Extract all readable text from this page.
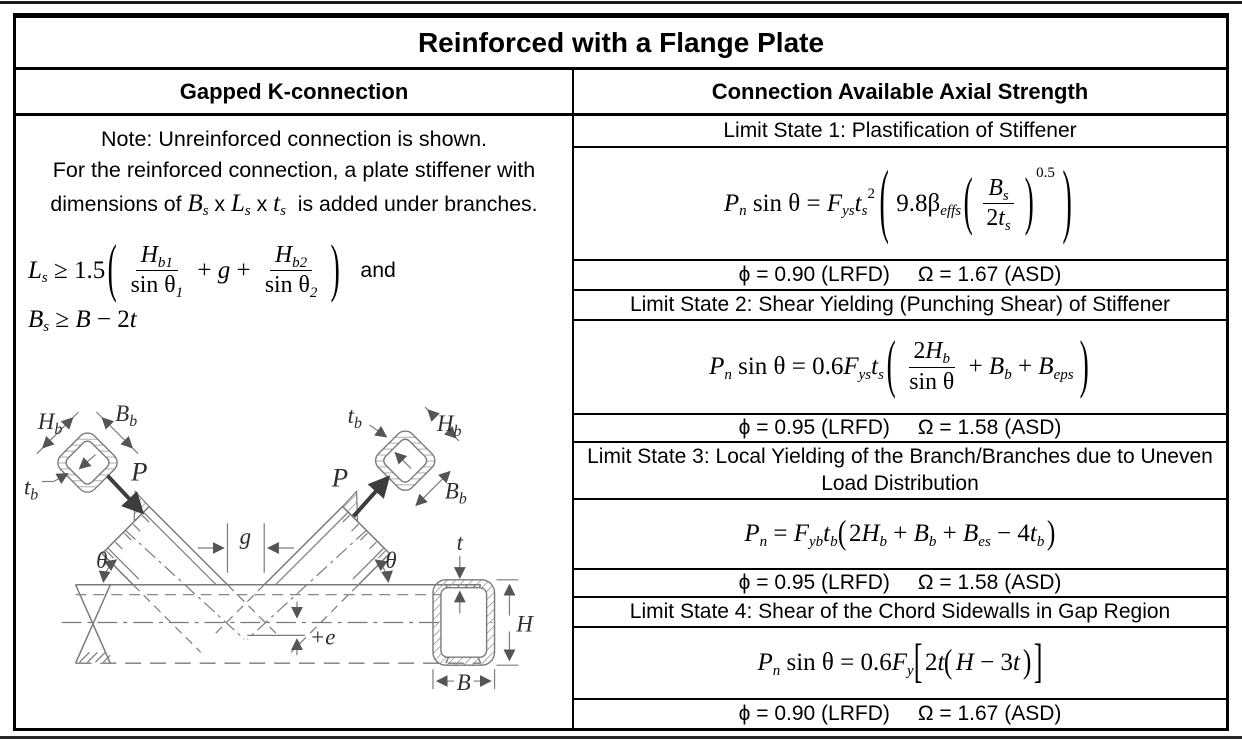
Reinforced with a Flange Plate
Gapped K-connection	Connection Available Axial Strength
Note: Unreinforced connection is shown.
For the reinforced connection, a plate stiffener with
dimensions of B s x L s x t s is added under branches.
L s ≥ 1.5 ( $\frac{\text{H b1}}{\text{sin θ 1}} + g + \frac{\text{H b2}}{\text{sin θ 2}}$ ) and
B s ≥ B − 2 t
g
θ	θ
+e
$H_b$
$B_b$
$t_b$
P
$H_b$
$B_b$
$t_b$
P
t
H
B
Limit State 1: Plastification of Stiffener
P n sin θ = F ys t s
2 ( 9.8 β effs ( $\frac{\text{B s}}{\text{2 t s}}$ ) 0.5 )
ϕ = 0.90 (LRFD) Ω = 1.67 (ASD)
Limit State 2: Shear Yielding (Punching Shear) of Stiffener
P n sin θ = 0.6 F ys t s ( $\frac{\text{2 H b}}{\text{sin θ}} + B$ b + B eps )
ϕ = 0.95 (LRFD) Ω = 1.58 (ASD)
Limit State 3: Local Yielding of the Branch/Branches due to Uneven Load Distribution
P n = F yb t b ( 2 H b + B b + B es − 4 t b )
ϕ = 0.95 (LRFD) Ω = 1.58 (ASD)
Limit State 4: Shear of the Chord Sidewalls in Gap Region
P n sin θ = 0.6 F y [ 2 t ( H − 3 t ) ]
ϕ = 0.90 (LRFD) Ω = 1.67 (ASD)
